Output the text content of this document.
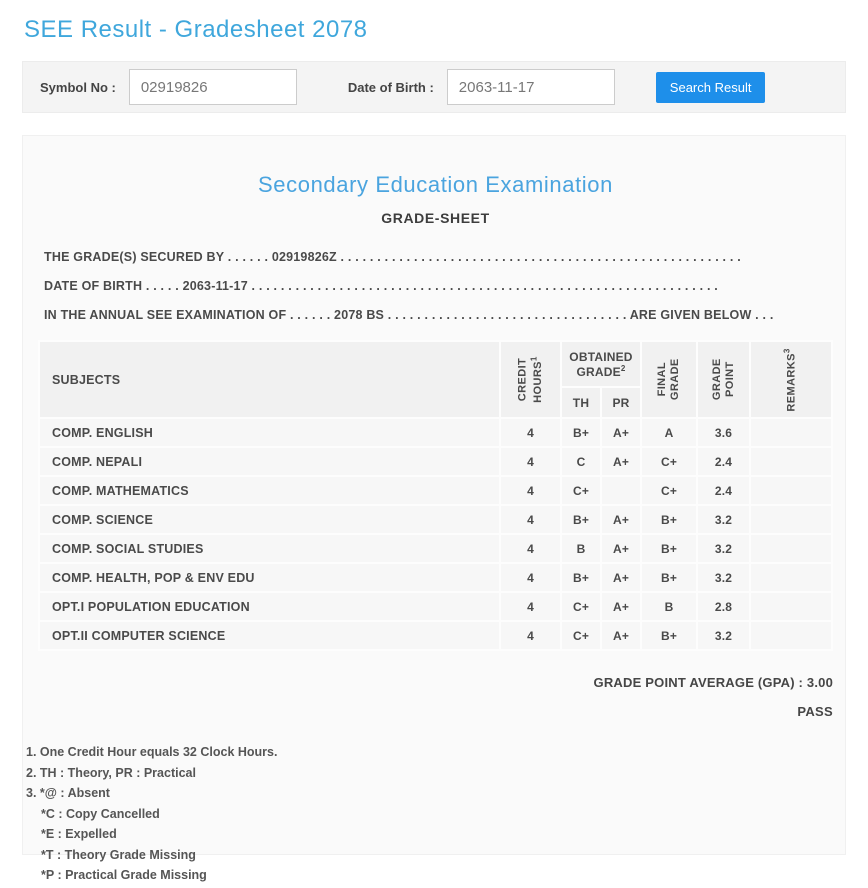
SEE Result - Gradesheet 2078
Symbol No :
02919826	Date of Birth :
2063-11-17	Search Result
Secondary Education Examination
GRADE-SHEET
THE GRADE(S) SECURED BY . . . . . . 02919826Z . . . . . . . . . . . . . . . . . . . . . . . . . . . . . . . . . . . . . . . . . . . . . . . . . . . . . . .
DATE OF BIRTH . . . . . 2063-11-17 . . . . . . . . . . . . . . . . . . . . . . . . . . . . . . . . . . . . . . . . . . . . . . . . . . . . . . . . . . . . . . . .
IN THE ANNUAL SEE EXAMINATION OF . . . . . . 2078 BS . . . . . . . . . . . . . . . . . . . . . . . . . . . . . . . . . ARE GIVEN BELOW . . .
SUBJECTS	CREDIT HOURS$^1$	OBTAINED GRADE$^2$		FINAL GRADE	GRADE POINT	REMARKS$^3$
		TH	PR			
COMP. ENGLISH	4	B+	A+	A	3.6	
COMP. NEPALI	4	C	A+	C+	2.4	
COMP. MATHEMATICS	4	C+		C+	2.4	
COMP. SCIENCE	4	B+	A+	B+	3.2	
COMP. SOCIAL STUDIES	4	B	A+	B+	3.2	
COMP. HEALTH, POP & ENV EDU	4	B+	A+	B+	3.2	
OPT.I POPULATION EDUCATION	4	C+	A+	B	2.8	
OPT.II COMPUTER SCIENCE	4	C+	A+	B+	3.2	
GRADE POINT AVERAGE (GPA) : 3.00
PASS
1. One Credit Hour equals 32 Clock Hours.
2. TH : Theory, PR : Practical
3. *@ : Absent
*C : Copy Cancelled
*E : Expelled
*T : Theory Grade Missing
*P : Practical Grade Missing
